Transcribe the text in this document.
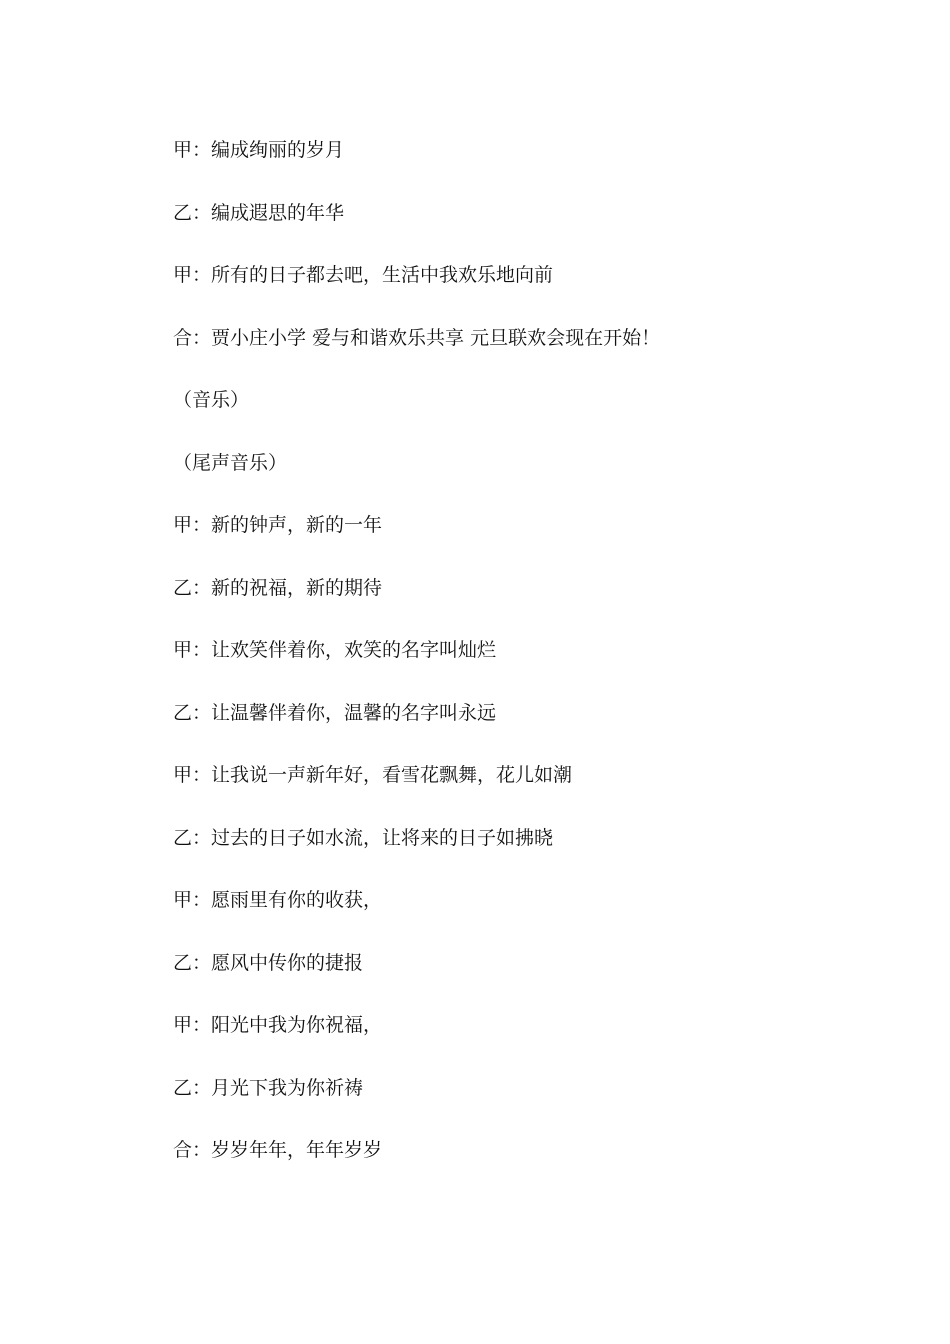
甲：编成绚丽的岁月
乙：编成遐思的年华
甲：所有的日子都去吧，生活中我欢乐地向前
合：贾小庄小学 爱与和谐欢乐共享 元旦联欢会现在开始！
（音乐）
（尾声音乐）
甲：新的钟声，新的一年
乙：新的祝福，新的期待
甲：让欢笑伴着你，欢笑的名字叫灿烂
乙：让温馨伴着你，温馨的名字叫永远
甲：让我说一声新年好，看雪花飘舞，花儿如潮
乙：过去的日子如水流，让将来的日子如拂晓
甲：愿雨里有你的收获，
乙：愿风中传你的捷报
甲：阳光中我为你祝福，
乙：月光下我为你祈祷
合：岁岁年年，年年岁岁
